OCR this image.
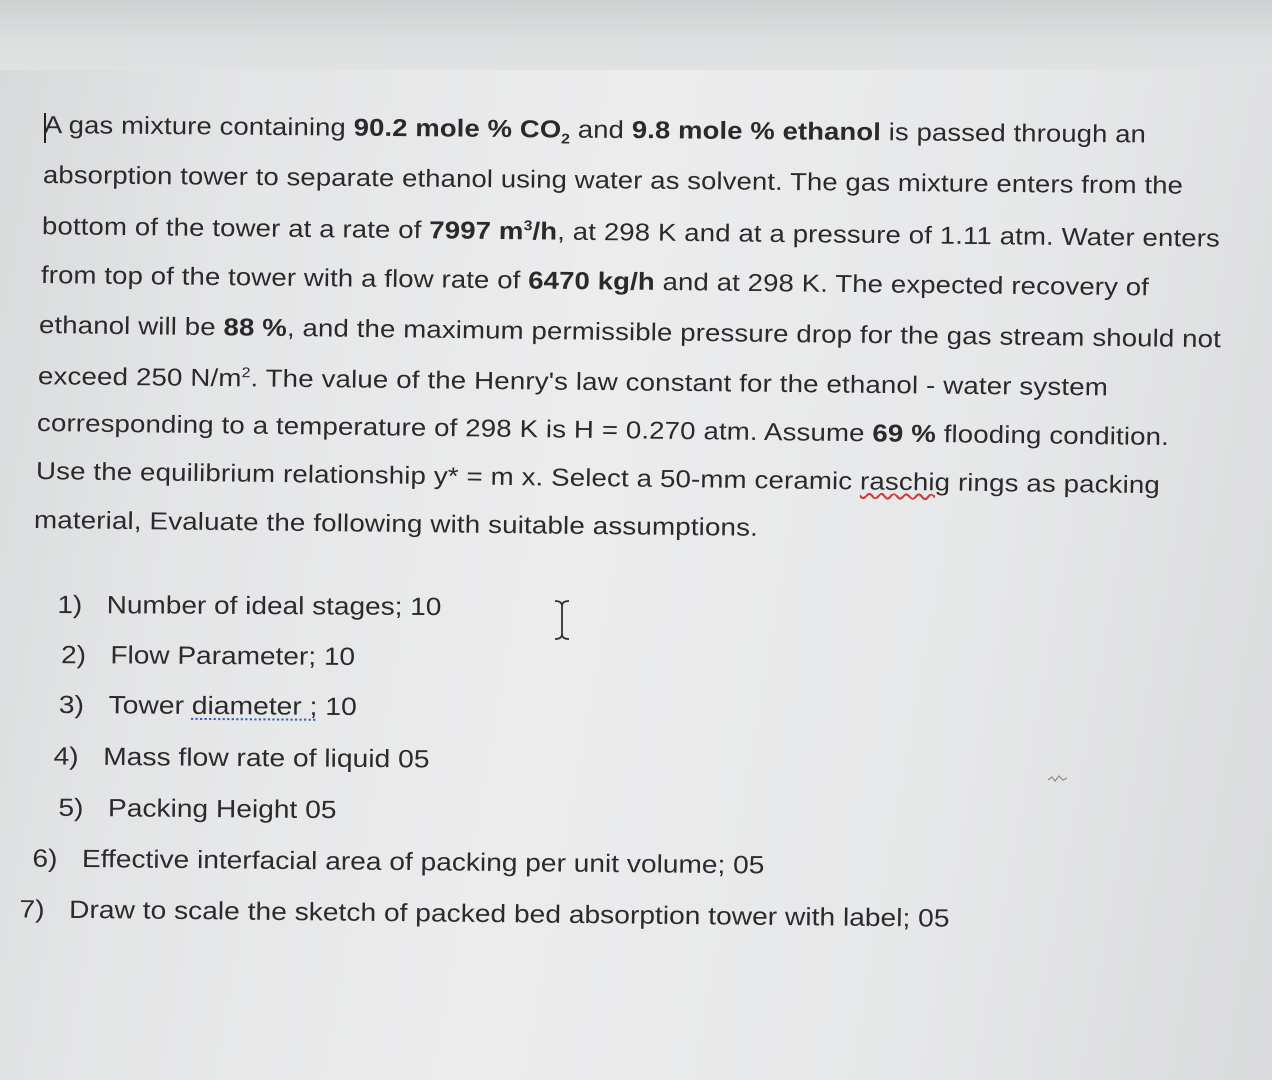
A gas mixture containing 90.2 mole % $CO_2$ and 9.8 mole % ethanol is passed through an
absorption tower to separate ethanol using water as solvent. The gas mixture enters from the
bottom of the tower at a rate of 7997 $m^3/h$, at 298 K and at a pressure of 1.11 atm. Water enters
from top of the tower with a flow rate of 6470 kg/h and at 298 K. The expected recovery of
ethanol will be 88 %, and the maximum permissible pressure drop for the gas stream should not
exceed 250 $N/m^2$. The value of the Henry's law constant for the ethanol - water system
corresponding to a temperature of 298 K is H = 0.270 atm. Assume 69 % flooding condition.
Use the equilibrium relationship y* = m x. Select a 50-mm ceramic raschig rings as packing
material, Evaluate the following with suitable assumptions.
1) Number of ideal stages; 10
2) Flow Parameter; 10
3) Tower diameter ; 10
4) Mass flow rate of liquid 05
5) Packing Height 05
6) Effective interfacial area of packing per unit volume; 05
7) Draw to scale the sketch of packed bed absorption tower with label; 05
